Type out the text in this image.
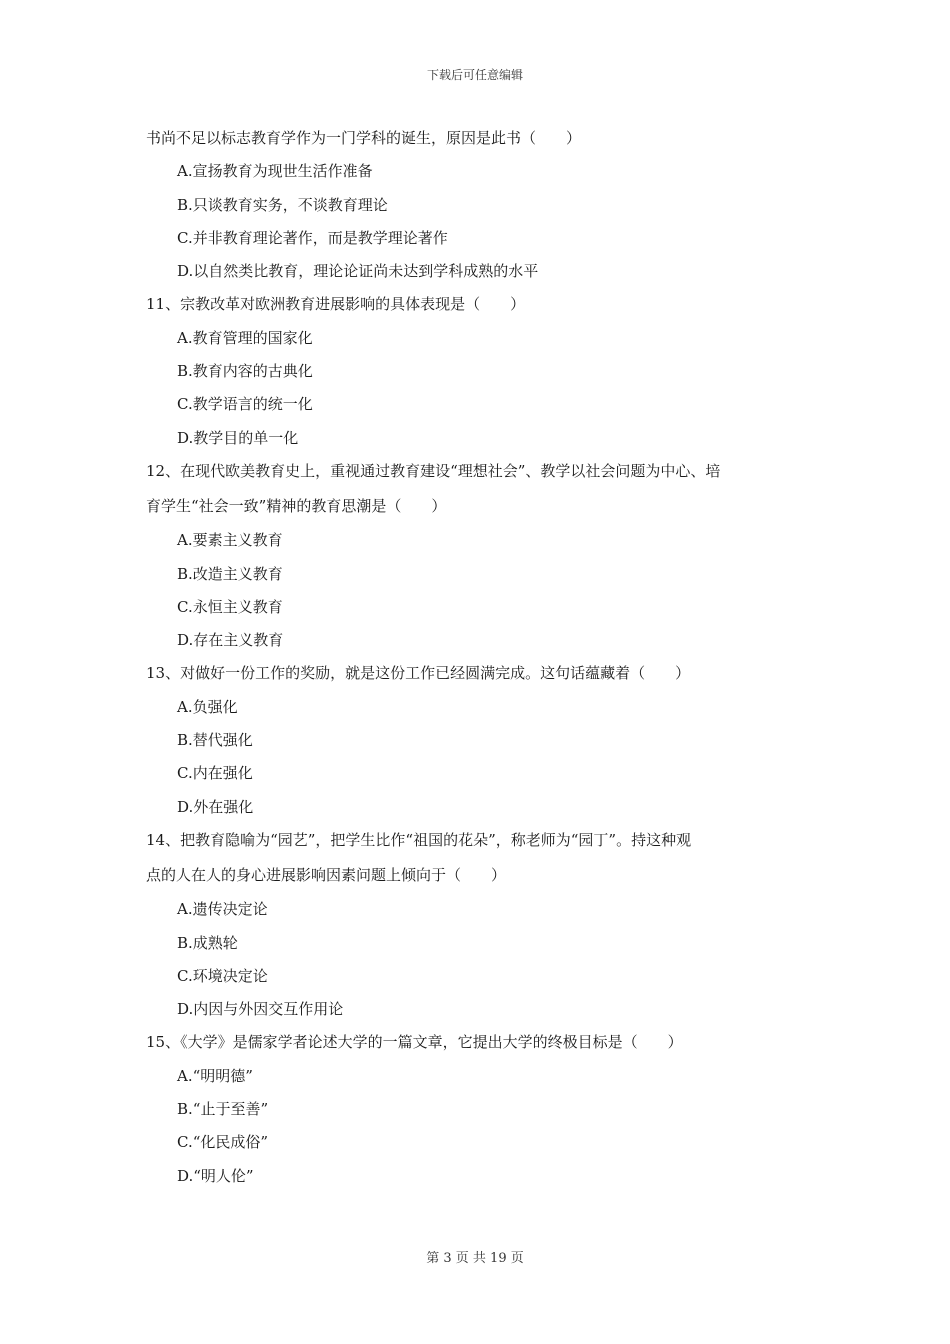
下载后可任意编辑
书尚不足以标志教育学作为一门学科的诞生，原因是此书（　　）
A.宣扬教育为现世生活作准备
B.只谈教育实务，不谈教育理论
C.并非教育理论著作，而是教学理论著作
D.以自然类比教育，理论论证尚未达到学科成熟的水平
11、宗教改革对欧洲教育进展影响的具体表现是（　　）
A.教育管理的国家化
B.教育内容的古典化
C.教学语言的统一化
D.教学目的单一化
12、在现代欧美教育史上，重视通过教育建设“理想社会”、教学以社会问题为中心、培
育学生“社会一致”精神的教育思潮是（　　）
A.要素主义教育
B.改造主义教育
C.永恒主义教育
D.存在主义教育
13、对做好一份工作的奖励，就是这份工作已经圆满完成。这句话蕴藏着（　　）
A.负强化
B.替代强化
C.内在强化
D.外在强化
14、把教育隐喻为“园艺”，把学生比作“祖国的花朵”，称老师为“园丁”。持这种观
点的人在人的身心进展影响因素问题上倾向于（　　）
A.遗传决定论
B.成熟轮
C.环境决定论
D.内因与外因交互作用论
15、《大学》是儒家学者论述大学的一篇文章，它提出大学的终极目标是（　　）
A.“明明德”
B.“止于至善”
C.“化民成俗”
D.“明人伦”
第 3 页 共 19 页
